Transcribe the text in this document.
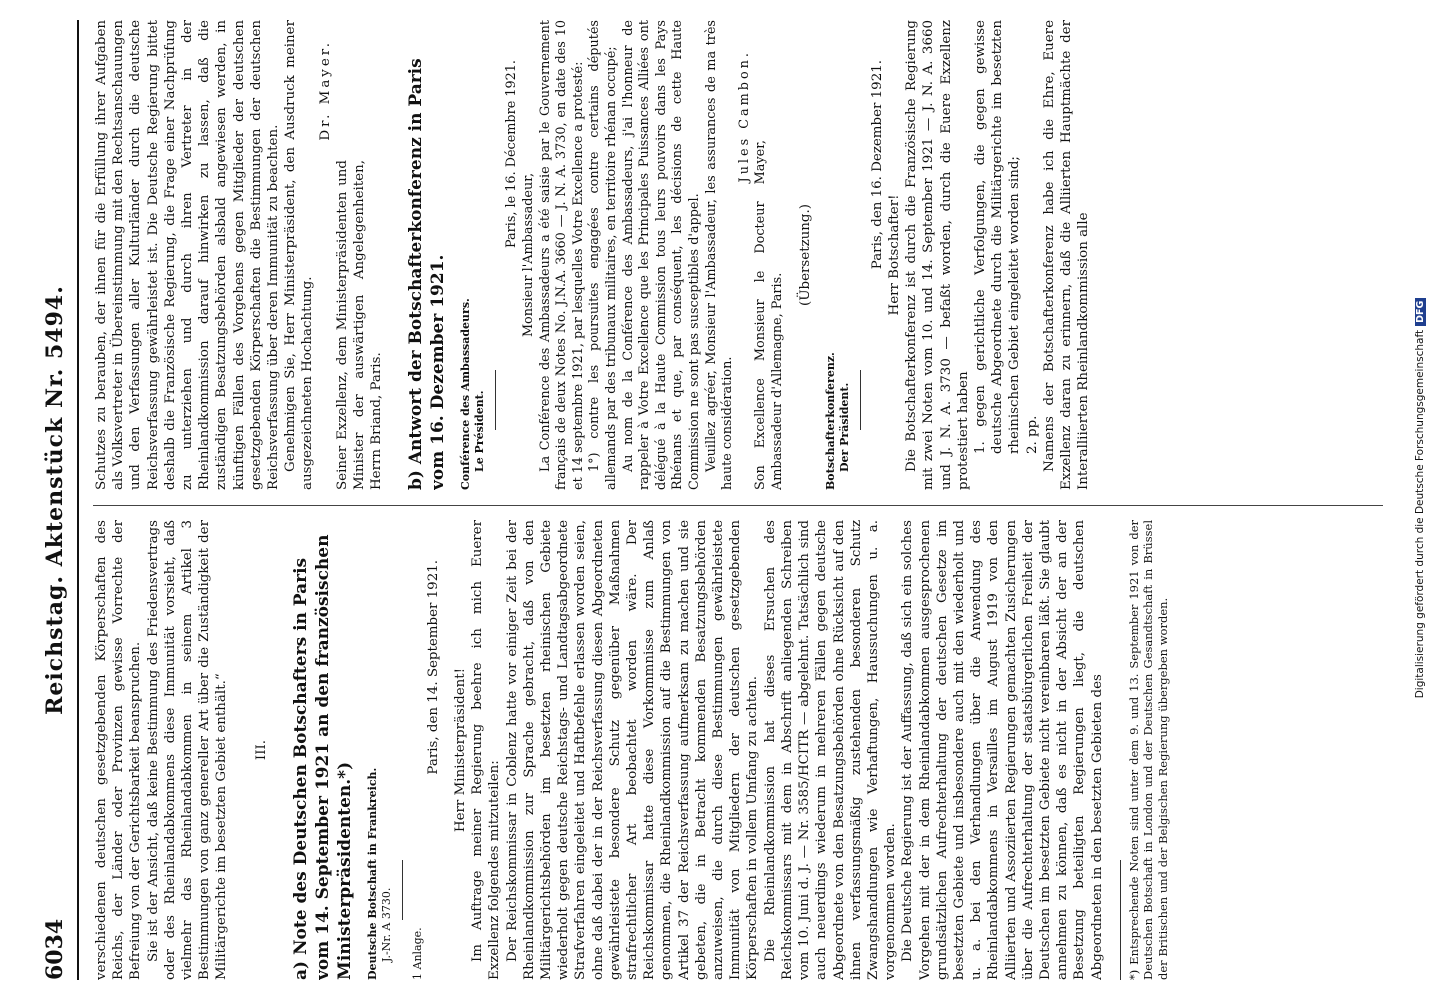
6034
Reichstag. Aktenstück Nr. 5494.

verschiedenen deutschen gesetzgebenden Körperschaften des Reichs, der Länder oder Provinzen gewisse Vorrechte der Befreiung von der Gerichtsbarkeit beanspruchen. Sie ist der Ansicht, daß keine Bestimmung des Friedensvertrags oder des Rheinlandabkommens diese Immunität vorsieht, daß vielmehr das Rheinlandabkommen in seinem Artikel 3 Bestimmungen von ganz genereller Art über die Zuständigkeit der Militärgerichte im besetzten Gebiet enthält.“ III. a) Note des Deutschen Botschafters in Paris vom 14. September 1921 an den französischen Ministerpräsidenten.*) Deutsche Botschaft in Frankreich. J.-Nr. A 3730. 1 Anlage.

Paris, den 14. September 1921. Herr Ministerpräsident! Im Auftrage meiner Regierung beehre ich mich Euerer Exzellenz folgendes mitzuteilen: Der Reichskommissar in Coblenz hatte vor einiger Zeit bei der Rheinlandkommission zur Sprache gebracht, daß von den Militärgerichtsbehörden im besetzten rheinischen Gebiete wiederholt gegen deutsche Reichstags- und Landtagsabgeordnete Strafverfahren eingeleitet und Haftbefehle erlassen worden seien, ohne daß dabei der in der Reichsverfassung diesen Abgeordneten gewährleistete besondere Schutz gegenüber Maßnahmen strafrechtlicher Art beobachtet worden wäre. Der Reichskommissar hatte diese Vorkommnisse zum Anlaß genommen, die Rheinlandkommission auf die Bestimmungen von Artikel 37 der Reichsverfassung aufmerksam zu machen und sie gebeten, die in Betracht kommenden Besatzungsbehörden anzuweisen, die durch diese Bestimmungen gewährleistete Immunität von Mitgliedern der deutschen gesetzgebenden Körperschaften in vollem Umfang zu achten. Die Rheinlandkommission hat dieses Ersuchen des Reichskommissars mit dem in Abschrift anliegenden Schreiben vom 10. Juni d. J. — Nr. 3585/HCITR — abgelehnt. Tatsächlich sind auch neuerdings wiederum in mehreren Fällen gegen deutsche Abgeordnete von den Besatzungsbehörden ohne Rücksicht auf den ihnen verfassungsmäßig zustehenden besonderen Schutz Zwangshandlungen wie Verhaftungen, Haussuchungen u. a. vorgenommen worden. Die Deutsche Regierung ist der Auffassung, daß sich ein solches Vorgehen mit der in dem Rheinlandabkommen ausgesprochenen grundsätzlichen Aufrechterhaltung der deutschen Gesetze im besetzten Gebiete und insbesondere auch mit den wiederholt und u. a. bei den Verhandlungen über die Anwendung des Rheinlandabkommens in Versailles im August 1919 von den Alliierten und Assoziierten Regierungen gemachten Zusicherungen über die Aufrechterhaltung der staatsbürgerlichen Freiheit der Deutschen im besetzten Gebiete nicht vereinbaren läßt. Sie glaubt annehmen zu können, daß es nicht in der Absicht der an der Besetzung beteiligten Regierungen liegt, die deutschen Abgeordneten in den besetzten Gebieten des *) Entsprechende Noten sind unter dem 9. und 13. September 1921 von der Deutschen Botschaft in London und der Deutschen Gesandtschaft in Brüssel der Britischen und der Belgischen Regierung übergeben worden.

Schutzes zu berauben, der ihnen für die Erfüllung ihrer Aufgaben als Volksvertreter in Übereinstimmung mit den Rechtsanschauungen und den Verfassungen aller Kulturländer durch die deutsche Reichsverfassung gewährleistet ist. Die Deutsche Regierung bittet deshalb die Französische Regierung, die Frage einer Nachprüfung zu unterziehen und durch ihren Vertreter in der Rheinlandkommission darauf hinwirken zu lassen, daß die zuständigen Besatzungsbehörden alsbald angewiesen werden, in künftigen Fällen des Vorgehens gegen Mitglieder der deutschen gesetzgebenden Körperschaften die Bestimmungen der deutschen Reichsverfassung über deren Immunität zu beachten. Genehmigen Sie, Herr Ministerpräsident, den Ausdruck meiner ausgezeichneten Hochachtung.

Dr. Mayer.

Seiner Exzellenz, dem Ministerpräsidenten und Minister der auswärtigen Angelegenheiten, Herrn Briand, Paris. b) Antwort der Botschafterkonferenz in Paris vom 16. Dezember 1921. Conférence des Ambassadeurs. Le Président.

Paris, le 16. Décembre 1921.

Monsieur l'Ambassadeur, La Conférence des Ambassadeurs a été saisie par le Gouvernement français de deux Notes No. J.N.A. 3660 — J. N. A. 3730, en date des 10 et 14 septembre 1921, par lesquelles Votre Excellence a protesté: 1°) contre les poursuites engagées contre certains députés allemands par des tribunaux militaires, en territoire rhénan occupé; Au nom de la Conférence des Ambassadeurs, j'ai l'honneur de rappeler à Votre Excellence que les Principales Puissances Alliées ont délégué à la Haute Commission tous leurs pouvoirs dans les Pays Rhénans et que, par conséquent, les décisions de cette Haute Commission ne sont pas susceptibles d'appel. Veuillez agréer, Monsieur l'Ambassadeur, les assurances de ma très haute considération.

Jules Cambon.

Son Excellence Monsieur le Docteur Mayer, Ambassadeur d'Allemagne, Paris.

(Übersetzung.)

Botschafterkonferenz. Der Präsident.

Paris, den 16. Dezember 1921. Herr Botschafter! Die Botschafterkonferenz ist durch die Französische Regierung mit zwei Noten vom 10. und 14. September 1921 — J. N. A. 3660 und J. N. A. 3730 — befaßt worden, durch die Euere Exzellenz protestiert haben 1. gegen gerichtliche Verfolgungen, die gegen gewisse deutsche Abgeordnete durch die Militärgerichte im besetzten rheinischen Gebiet eingeleitet worden sind; 2. pp. Namens der Botschafterkonferenz habe ich die Ehre, Euere Exzellenz daran zu erinnern, daß die Alliierten Hauptmächte der Interalliierten Rheinlandkommission alle	Digitalisierung gefördert durch die Deutsche ForschungsgemeinschaftDFG
